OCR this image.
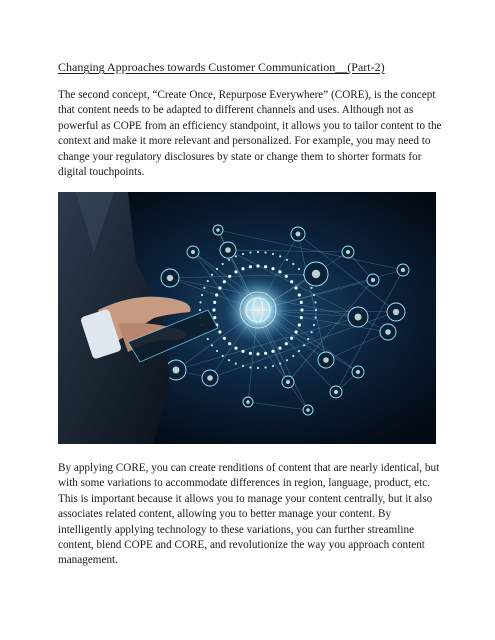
Changing Approaches towards Customer Communication__(Part-2)

The second concept, “Create Once, Repurpose Everywhere” (CORE), is the concept that content needs to be adapted to different channels and uses. Although not as powerful as COPE from an efficiency standpoint, it allows you to tailor content to the context and make it more relevant and personalized. For example, you may need to change your regulatory disclosures by state or change them to shorter formats for digital touchpoints.

By applying CORE, you can create renditions of content that are nearly identical, but with some variations to accommodate differences in region, language, product, etc. This is important because it allows you to manage your content centrally, but it also associates related content, allowing you to better manage your content. By intelligently applying technology to these variations, you can further streamline content, blend COPE and CORE, and revolutionize the way you approach content management.
